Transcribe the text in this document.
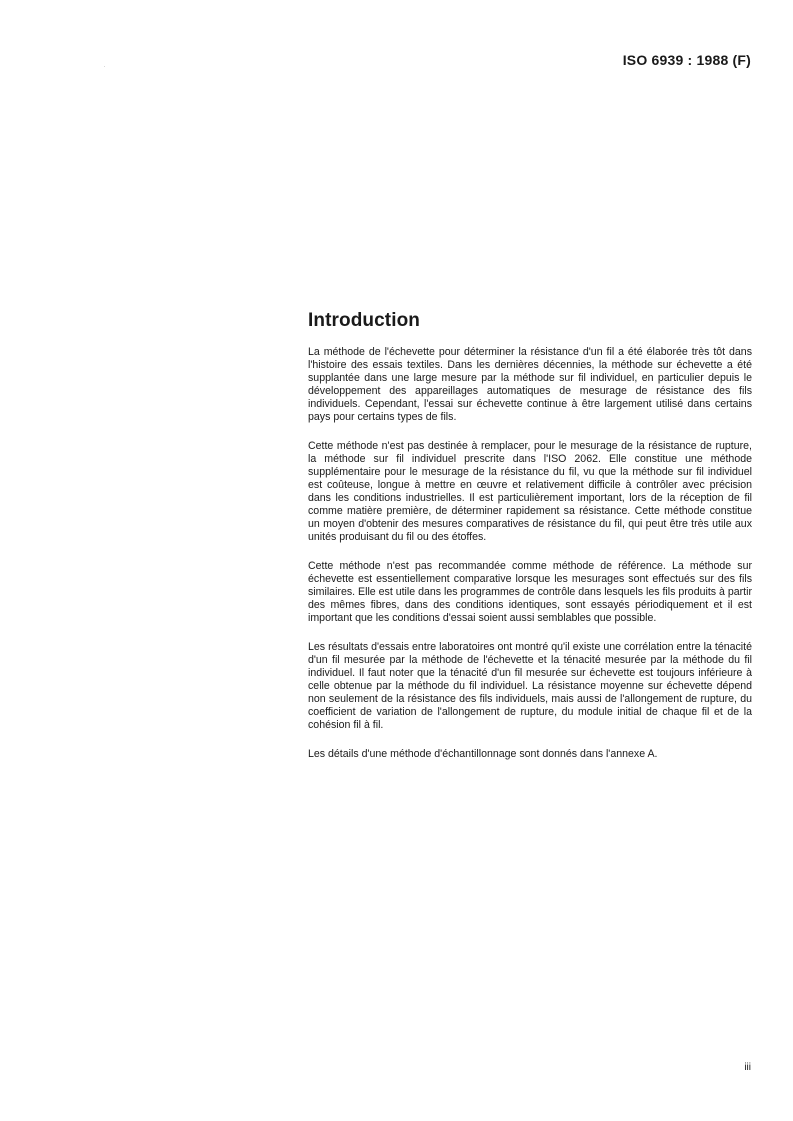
ISO 6939 : 1988 (F)

Introduction

La méthode de l'échevette pour déterminer la résistance d'un fil a été élaborée très tôt dans l'histoire des essais textiles. Dans les dernières décennies, la méthode sur échevette a été supplantée dans une large mesure par la méthode sur fil individuel, en particulier depuis le développement des appareillages automatiques de mesurage de résistance des fils individuels. Cependant, l'essai sur échevette continue à être largement utilisé dans certains pays pour certains types de fils.

Cette méthode n'est pas destinée à remplacer, pour le mesurage de la résistance de rupture, la méthode sur fil individuel prescrite dans l'ISO 2062. Elle constitue une méthode supplémentaire pour le mesurage de la résistance du fil, vu que la méthode sur fil individuel est coûteuse, longue à mettre en œuvre et relativement difficile à contrôler avec précision dans les conditions industrielles. Il est particulièrement important, lors de la réception de fil comme matière première, de déterminer rapidement sa résistance. Cette méthode constitue un moyen d'obtenir des mesures comparatives de résistance du fil, qui peut être très utile aux unités produisant du fil ou des étoffes.

Cette méthode n'est pas recommandée comme méthode de référence. La méthode sur échevette est essentiellement comparative lorsque les mesurages sont effectués sur des fils similaires. Elle est utile dans les programmes de contrôle dans lesquels les fils produits à partir des mêmes fibres, dans des conditions identiques, sont essayés périodiquement et il est important que les conditions d'essai soient aussi semblables que possible.

Les résultats d'essais entre laboratoires ont montré qu'il existe une corrélation entre la ténacité d'un fil mesurée par la méthode de l'échevette et la ténacité mesurée par la méthode du fil individuel. Il faut noter que la ténacité d'un fil mesurée sur échevette est toujours inférieure à celle obtenue par la méthode du fil individuel. La résistance moyenne sur échevette dépend non seulement de la résistance des fils individuels, mais aussi de l'allongement de rupture, du coefficient de variation de l'allongement de rupture, du module initial de chaque fil et de la cohésion fil à fil.

Les détails d'une méthode d'échantillonnage sont donnés dans l'annexe A.

iii
